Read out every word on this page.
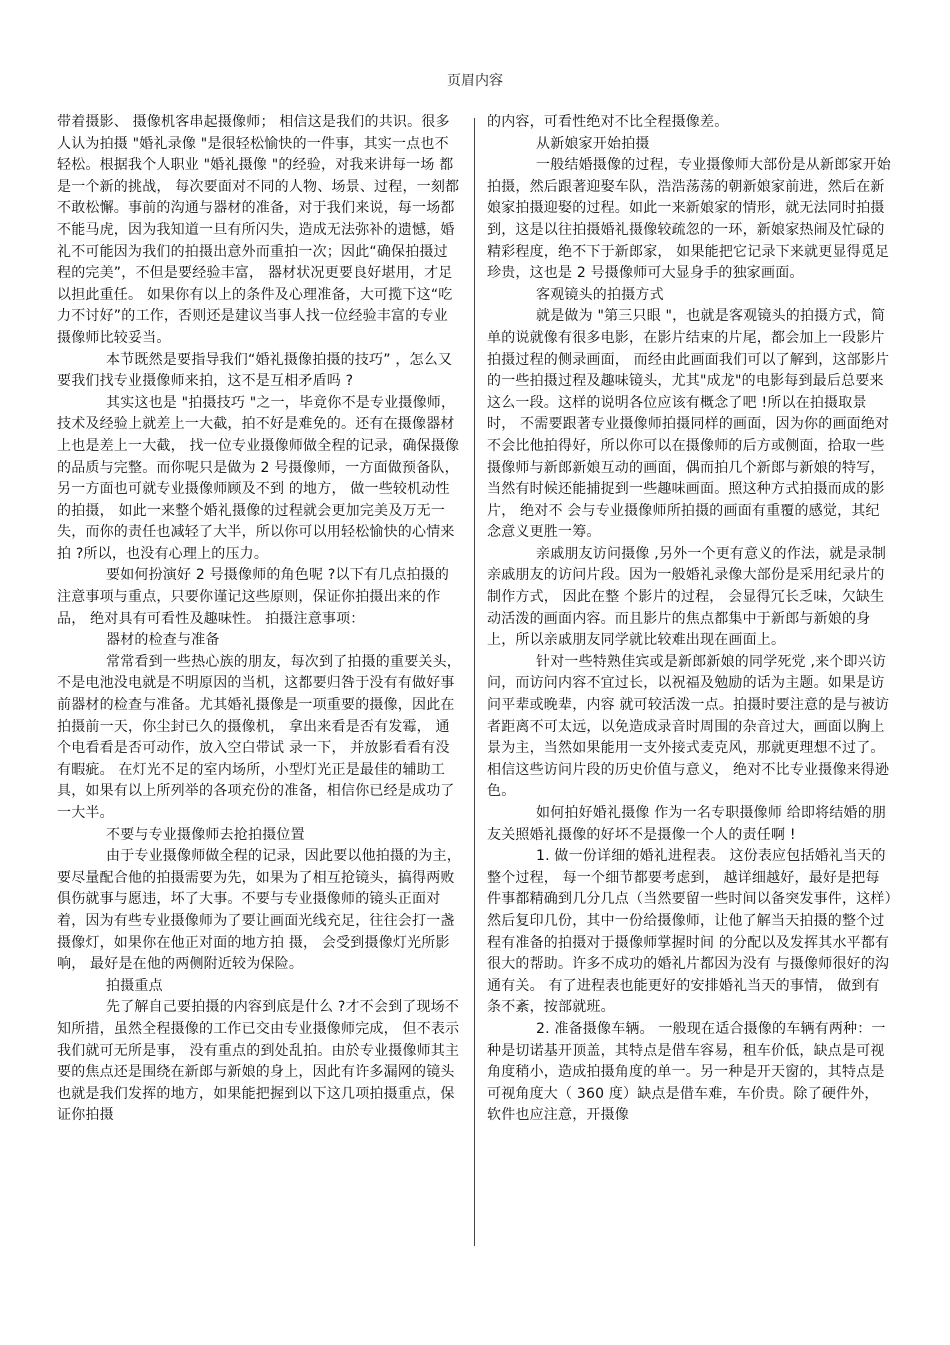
页眉内容

带着摄影、 摄像机客串起摄像师； 相信这是我们的共识。很多人认为拍摄 "婚礼录像 "是很轻松愉快的一件事，其实一点也不轻松。根据我个人职业 "婚礼摄像 "的经验，对我来讲每一场 都是一个新的挑战， 每次要面对不同的人物、场景、过程，一刻都不敢松懈。事前的沟通与器材的准备，对于我们来说，每一场都不能马虎，因为我知道一旦有所闪失，造成无法弥补的遗憾，婚礼不可能因为我们的拍摄出意外而重拍一次；因此“确保拍摄过程的完美”，不但是要经验丰富， 器材状况更要良好堪用，才足以担此重任。 如果你有以上的条件及心理准备，大可揽下这“吃力不讨好”的工作，否则还是建议当事人找一位经验丰富的专业摄像师比较妥当。

本节既然是要指导我们“婚礼摄像拍摄的技巧” ，怎么又要我们找专业摄像师来拍，这不是互相矛盾吗 ?

其实这也是 "拍摄技巧 "之一，毕竟你不是专业摄像师，技术及经验上就差上一大截，拍不好是难免的。还有在摄像器材上也是差上一大截， 找一位专业摄像师做全程的记录，确保摄像的品质与完整。而你呢只是做为 2 号摄像师，一方面做预备队，另一方面也可就专业摄像师顾及不到 的地方， 做一些较机动性的拍摄， 如此一来整个婚礼摄像的过程就会更加完美及万无一失，而你的责任也减轻了大半，所以你可以用轻松愉快的心情来拍 ?所以，也没有心理上的压力。

要如何扮演好 2 号摄像师的角色呢 ?以下有几点拍摄的注意事项与重点，只要你谨记这些原则，保证你拍摄出来的作品， 绝对具有可看性及趣味性。 拍摄注意事项：

器材的检查与准备

常常看到一些热心族的朋友，每次到了拍摄的重要关头，不是电池没电就是不明原因的当机，这都要归咎于没有有做好事前器材的检查与准备。尤其婚礼摄像是一项重要的摄像，因此在拍摄前一天，你尘封已久的摄像机， 拿出来看是否有发霉， 通个电看看是否可动作，放入空白带试 录一下， 并放影看看有没有暇疵。 在灯光不足的室内场所，小型灯光正是最佳的辅助工具，如果有以上所列举的各项充份的准备，相信你已经是成功了一大半。

不要与专业摄像师去抢拍摄位置

由于专业摄像师做全程的记录，因此要以他拍摄的为主，要尽量配合他的拍摄需要为先，如果为了相互抢镜头，搞得两败俱伤就事与愿违，坏了大事。不要与专业摄像师的镜头正面对着，因为有些专业摄像师为了要让画面光线充足，往往会打一盏摄像灯，如果你在他正对面的地方拍 摄， 会受到摄像灯光所影响， 最好是在他的两侧附近较为保险。

拍摄重点

先了解自己要拍摄的内容到底是什么 ?才不会到了现场不知所措，虽然全程摄像的工作已交由专业摄像师完成， 但不表示我们就可无所是事， 没有重点的到处乱拍。由於专业摄像师其主要的焦点还是围绕在新郎与新娘的身上，因此有许多漏网的镜头也就是我们发挥的地方，如果能把握到以下这几项拍摄重点，保证你拍摄

的内容，可看性绝对不比全程摄像差。

从新娘家开始拍摄

一般结婚摄像的过程，专业摄像师大部份是从新郎家开始拍摄，然后跟著迎娶车队，浩浩荡荡的朝新娘家前进，然后在新娘家拍摄迎娶的过程。如此一来新娘家的情形，就无法同时拍摄到，这是以往拍摄婚礼摄像较疏忽的一环，新娘家热闹及忙碌的精彩程度，绝不下于新郎家， 如果能把它记录下来就更显得觅足珍贵，这也是 2 号摄像师可大显身手的独家画面。

客观镜头的拍摄方式

就是做为 "第三只眼 "，也就是客观镜头的拍摄方式，简单的说就像有很多电影，在影片结束的片尾，都会加上一段影片拍摄过程的侧录画面， 而经由此画面我们可以了解到，这部影片的一些拍摄过程及趣味镜头，尤其"成龙"的电影每到最后总要来这么一段。这样的说明各位应该有概念了吧 !所以在拍摄取景时， 不需要跟著专业摄像师拍摄同样的画面，因为你的画面绝对不会比他拍得好，所以你可以在摄像师的后方或侧面，拾取一些摄像师与新郎新娘互动的画面，偶而拍几个新郎与新娘的特写，当然有时候还能捕捉到一些趣味画面。照这种方式拍摄而成的影片， 绝对不 会与专业摄像师所拍摄的画面有重覆的感觉，其纪念意义更胜一筹。

亲戚朋友访问摄像 ,另外一个更有意义的作法，就是录制亲戚朋友的访问片段。因为一般婚礼录像大部份是采用纪录片的制作方式， 因此在整 个影片的过程， 会显得冗长乏味，欠缺生动活泼的画面内容。而且影片的焦点都集中于新郎与新娘的身上，所以亲戚朋友同学就比较难出现在画面上。

针对一些特熟佳宾或是新郎新娘的同学死党 ,来个即兴访问，而访问内容不宜过长，以祝福及勉励的话为主题。如果是访问平辈或晚辈，内容 就可较活泼一点。拍摄时要注意的是与被访者距离不可太远，以免造成录音时周围的杂音过大，画面以胸上景为主，当然如果能用一支外接式麦克风，那就更理想不过了。相信这些访问片段的历史价值与意义， 绝对不比专业摄像来得逊色。

如何拍好婚礼摄像 作为一名专职摄像师 给即将结婚的朋友关照婚礼摄像的好坏不是摄像一个人的责任啊 !

1. 做一份详细的婚礼进程表。 这份表应包括婚礼当天的整个过程， 每一个细节都要考虑到， 越详细越好，最好是把每件事都精确到几分几点（当然要留一些时间以备突发事件，这样）然后复印几份，其中一份给摄像师，让他了解当天拍摄的整个过程有准备的拍摄对于摄像师掌握时间 的分配以及发挥其水平都有很大的帮助。许多不成功的婚礼片都因为没有 与摄像师很好的沟通有关。 有了进程表也能更好的安排婚礼当天的事情， 做到有条不紊，按部就班。

2. 准备摄像车辆。 一般现在适合摄像的车辆有两种：一种是切诺基开顶盖，其特点是借车容易，租车价低，缺点是可视角度稍小，造成拍摄角度的单一。另一种是开天窗的，其特点是可视角度大（ 360 度）缺点是借车难，车价贵。除了硬件外，软件也应注意，开摄像
